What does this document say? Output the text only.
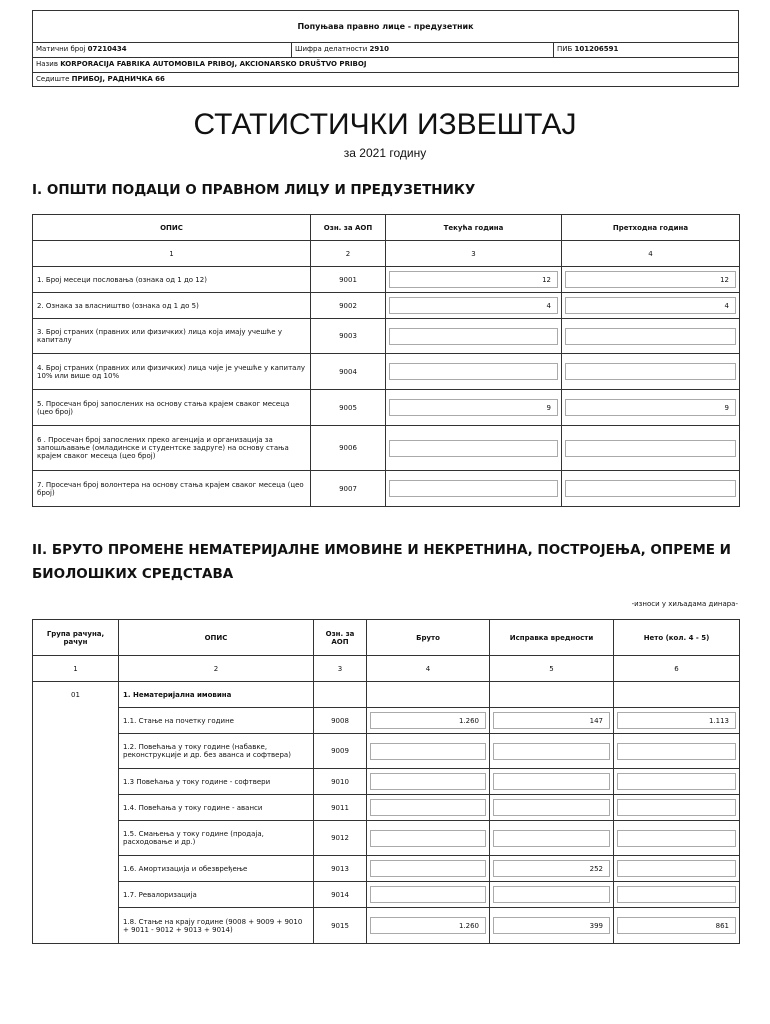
Попуњава правно лице - предузетник
Матични број 07210434	Шифра делатности 2910	ПИБ 101206591
Назив KORPORACIJA FABRIKA AUTOMOBILA PRIBOJ, AKCIONARSKO DRUŠTVO PRIBOJ
Седиште ПРИБОЈ, РАДНИЧКА 66
СТАТИСТИЧКИ ИЗВЕШТАЈ
за 2021 годину
I. ОПШТИ ПОДАЦИ О ПРАВНОМ ЛИЦУ И ПРЕДУЗЕТНИКУ
ОПИС	Озн. за АОП	Текућа година	Претходна година
1	2	3	4
1. Број месеци пословања (ознака од 1 до 12)	9001	12	12

2. Ознака за власништво (ознака од 1 до 5)	9002	4	4

3. Број страних (правних или физичких) лица која имају учешће у капиталу	9003	

4. Број страних (правних или физичких) лица чије је учешће у капиталу 10% или више од 10%	9004	

5. Просечан број запослених на основу стања крајем сваког месеца (цео број)	9005	9	9

6 . Просечан број запослених преко агенција и организација за запошљавање (омладинске и студентске задруге) на основу стања крајем сваког месеца (цео број)	9006	

7. Просечан број волонтера на основу стања крајем сваког месеца (цео број)	9007	

II. БРУТО ПРОМЕНЕ НЕМАТЕРИЈАЛНЕ ИМОВИНЕ И НЕКРЕТНИНА, ПОСТРОЈЕЊА, ОПРЕМЕ И
БИОЛОШКИХ СРЕДСТАВА
-износи у хиљадама динара-
Група рачуна, рачун	ОПИС	Озн. за АОП	Бруто	Исправка вредности	Нето (кол. 4 - 5)
1	2	3	4	5	6
01	1. Нематеријална имовина				
	1.1. Стање на почетку године	9008	1.260	147	1.113

	1.2. Повећања у току године (набавке, реконструкције и др. без аванса и софтвера)	9009	

	1.3 Повећања у току године - софтвери	9010	

	1.4. Повећања у току године - аванси	9011	

	1.5. Смањења у току године (продаја, расходовање и др.)	9012	

	1.6. Амортизација и обезвређење	9013		252	

	1.7. Ревалоризација	9014	

	1.8. Стање на крају године (9008 + 9009 + 9010 + 9011 - 9012 + 9013 + 9014)	9015	1.260	399	861
